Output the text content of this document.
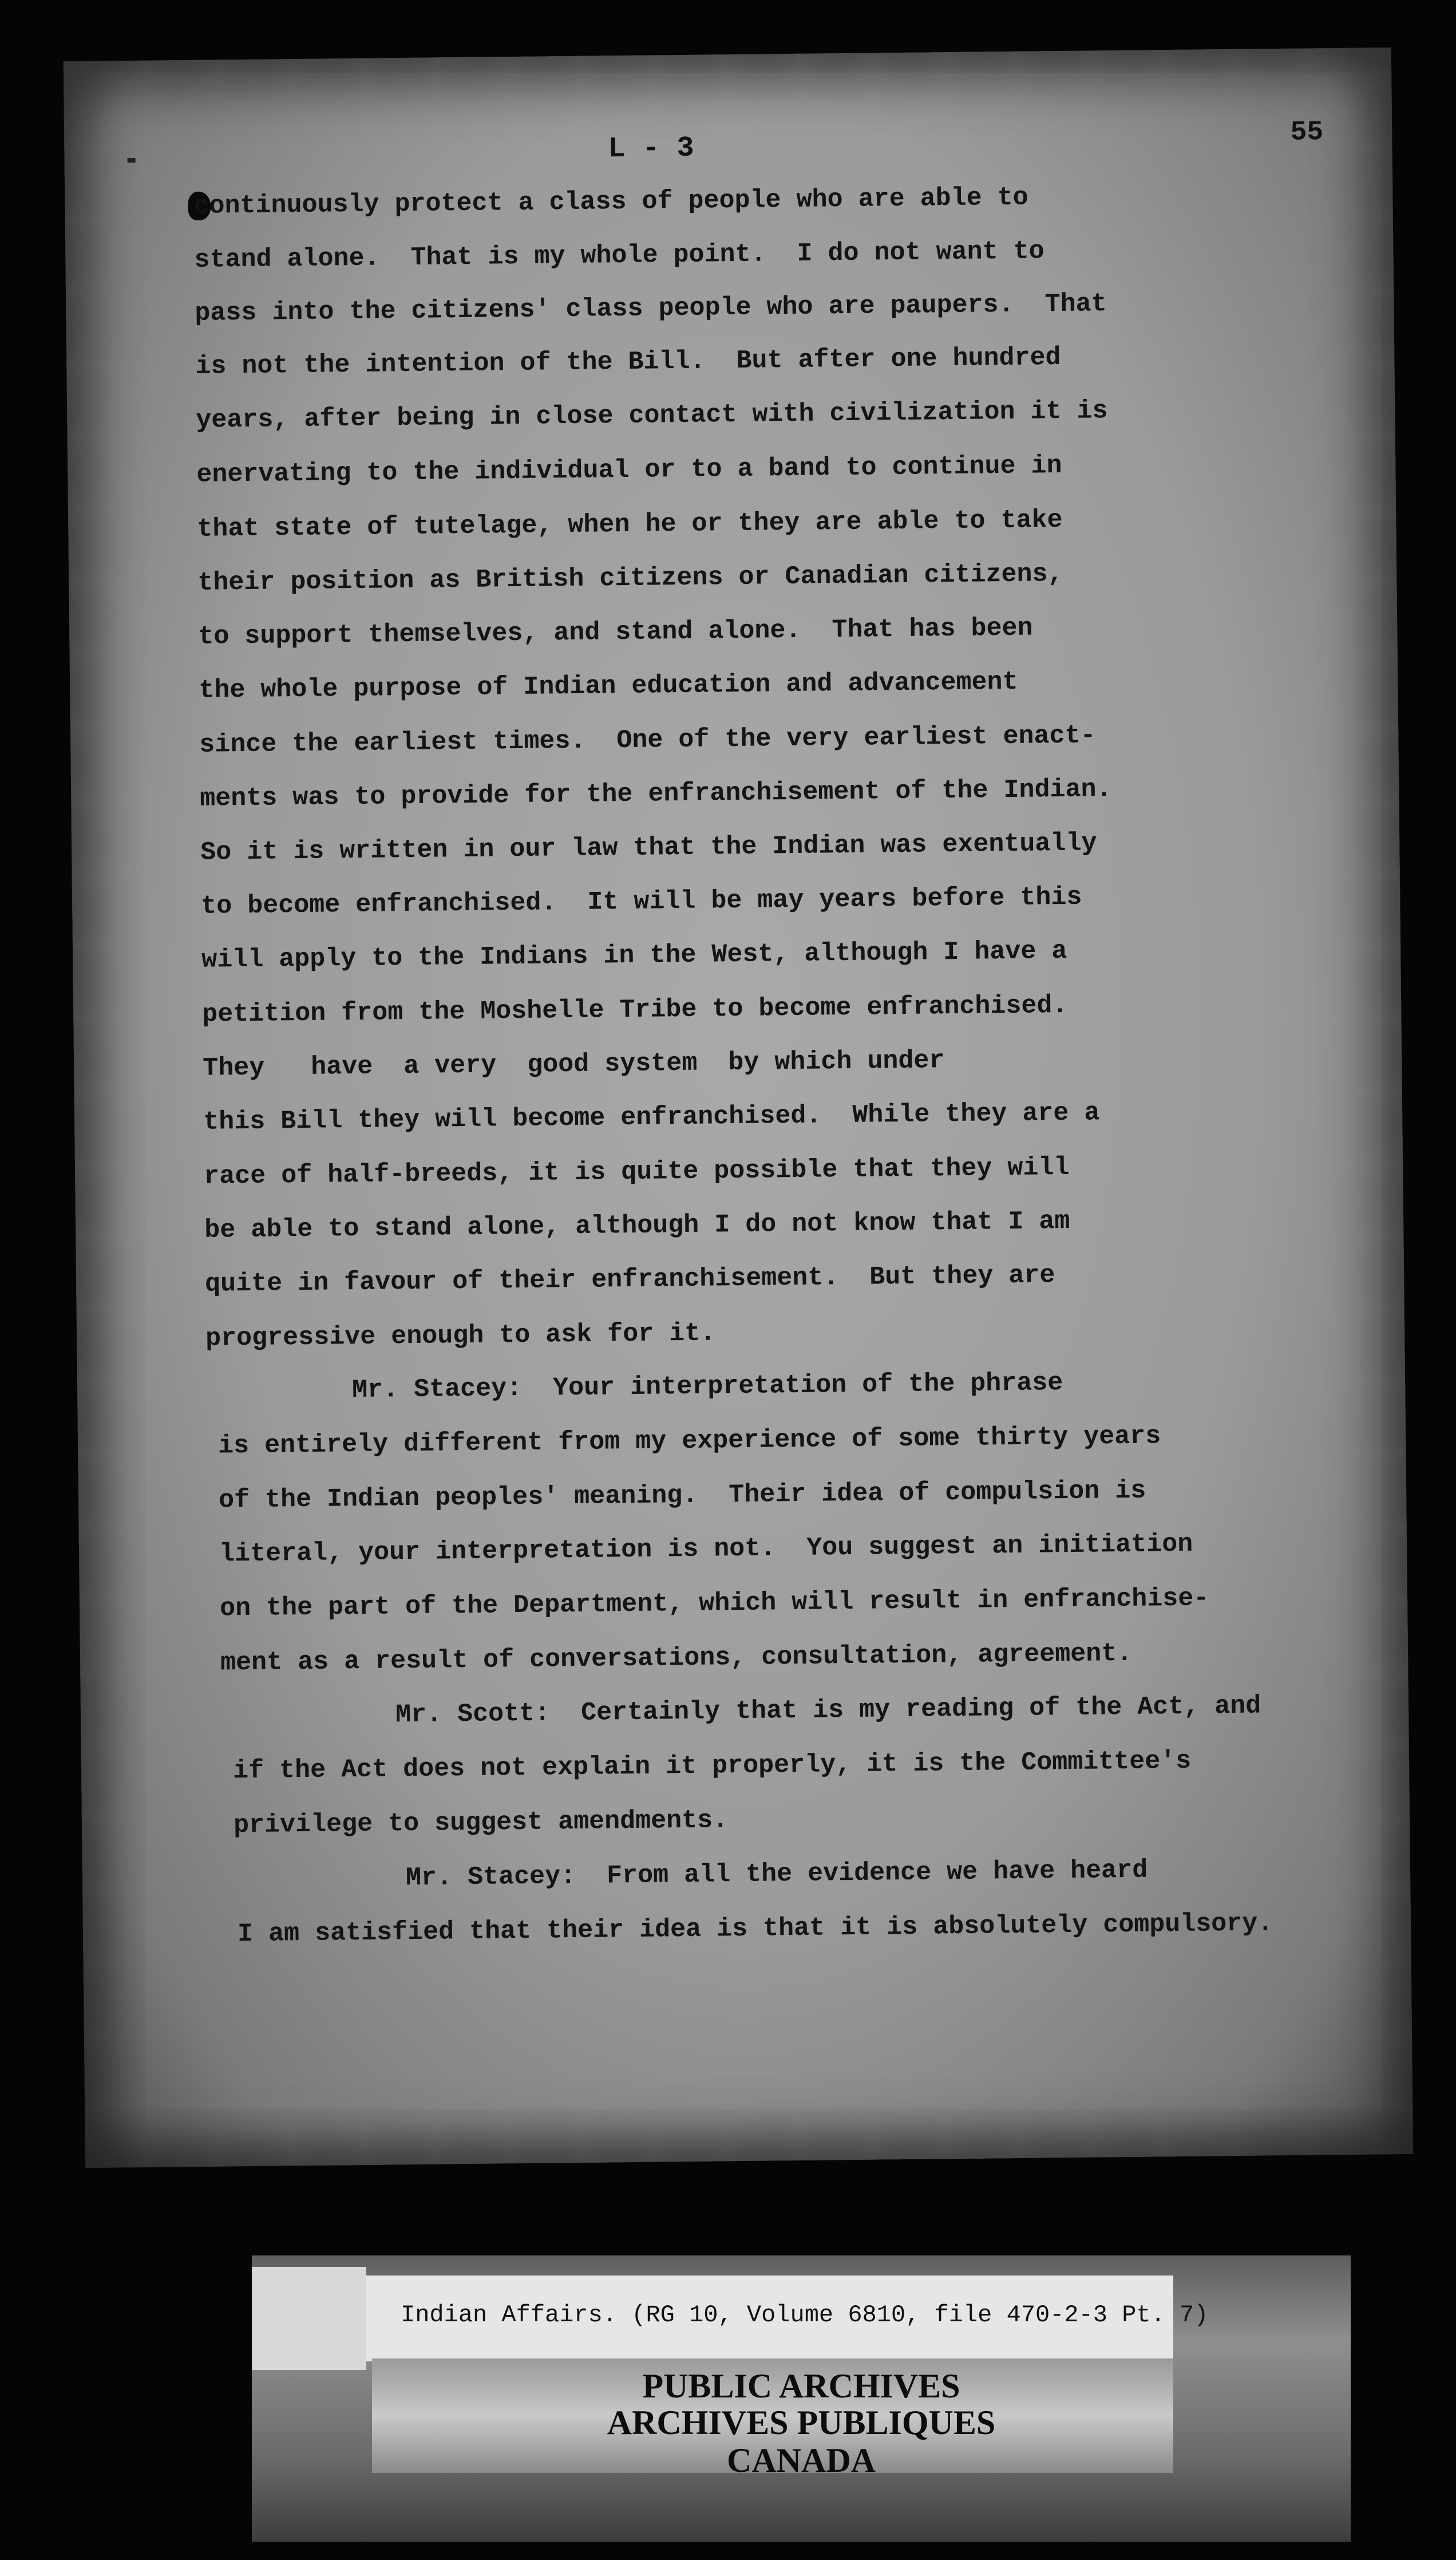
L - 3	55
continuously protect a class of people who are able to
stand alone.  That is my whole point.  I do not want to
pass into the citizens' class people who are paupers.  That
is not the intention of the Bill.  But after one hundred
years, after being in close contact with civilization it is
enervating to the individual or to a band to continue in
that state of tutelage, when he or they are able to take
their position as British citizens or Canadian citizens,
to support themselves, and stand alone.  That has been
the whole purpose of Indian education and advancement
since the earliest times.  One of the very earliest enact-
ments was to provide for the enfranchisement of the Indian.
So it is written in our law that the Indian was exentually
to become enfranchised.  It will be may years before this
will apply to the Indians in the West, although I have a
petition from the Moshelle Tribe to become enfranchised.
They   have  a very  good system  by which under
this Bill they will become enfranchised.  While they are a
race of half-breeds, it is quite possible that they will
be able to stand alone, although I do not know that I am
quite in favour of their enfranchisement.  But they are
progressive enough to ask for it.
Mr. Stacey:  Your interpretation of the phrase
is entirely different from my experience of some thirty years
of the Indian peoples' meaning.  Their idea of compulsion is
literal, your interpretation is not.  You suggest an initiation
on the part of the Department, which will result in enfranchise-
ment as a result of conversations, consultation, agreement.
Mr. Scott:  Certainly that is my reading of the Act, and
if the Act does not explain it properly, it is the Committee's
privilege to suggest amendments.
Mr. Stacey:  From all the evidence we have heard
I am satisfied that their idea is that it is absolutely compulsory.
Indian Affairs. (RG 10, Volume 6810, file 470-2-3 Pt. 7)
PUBLIC ARCHIVES
ARCHIVES PUBLIQUES
CANADA
